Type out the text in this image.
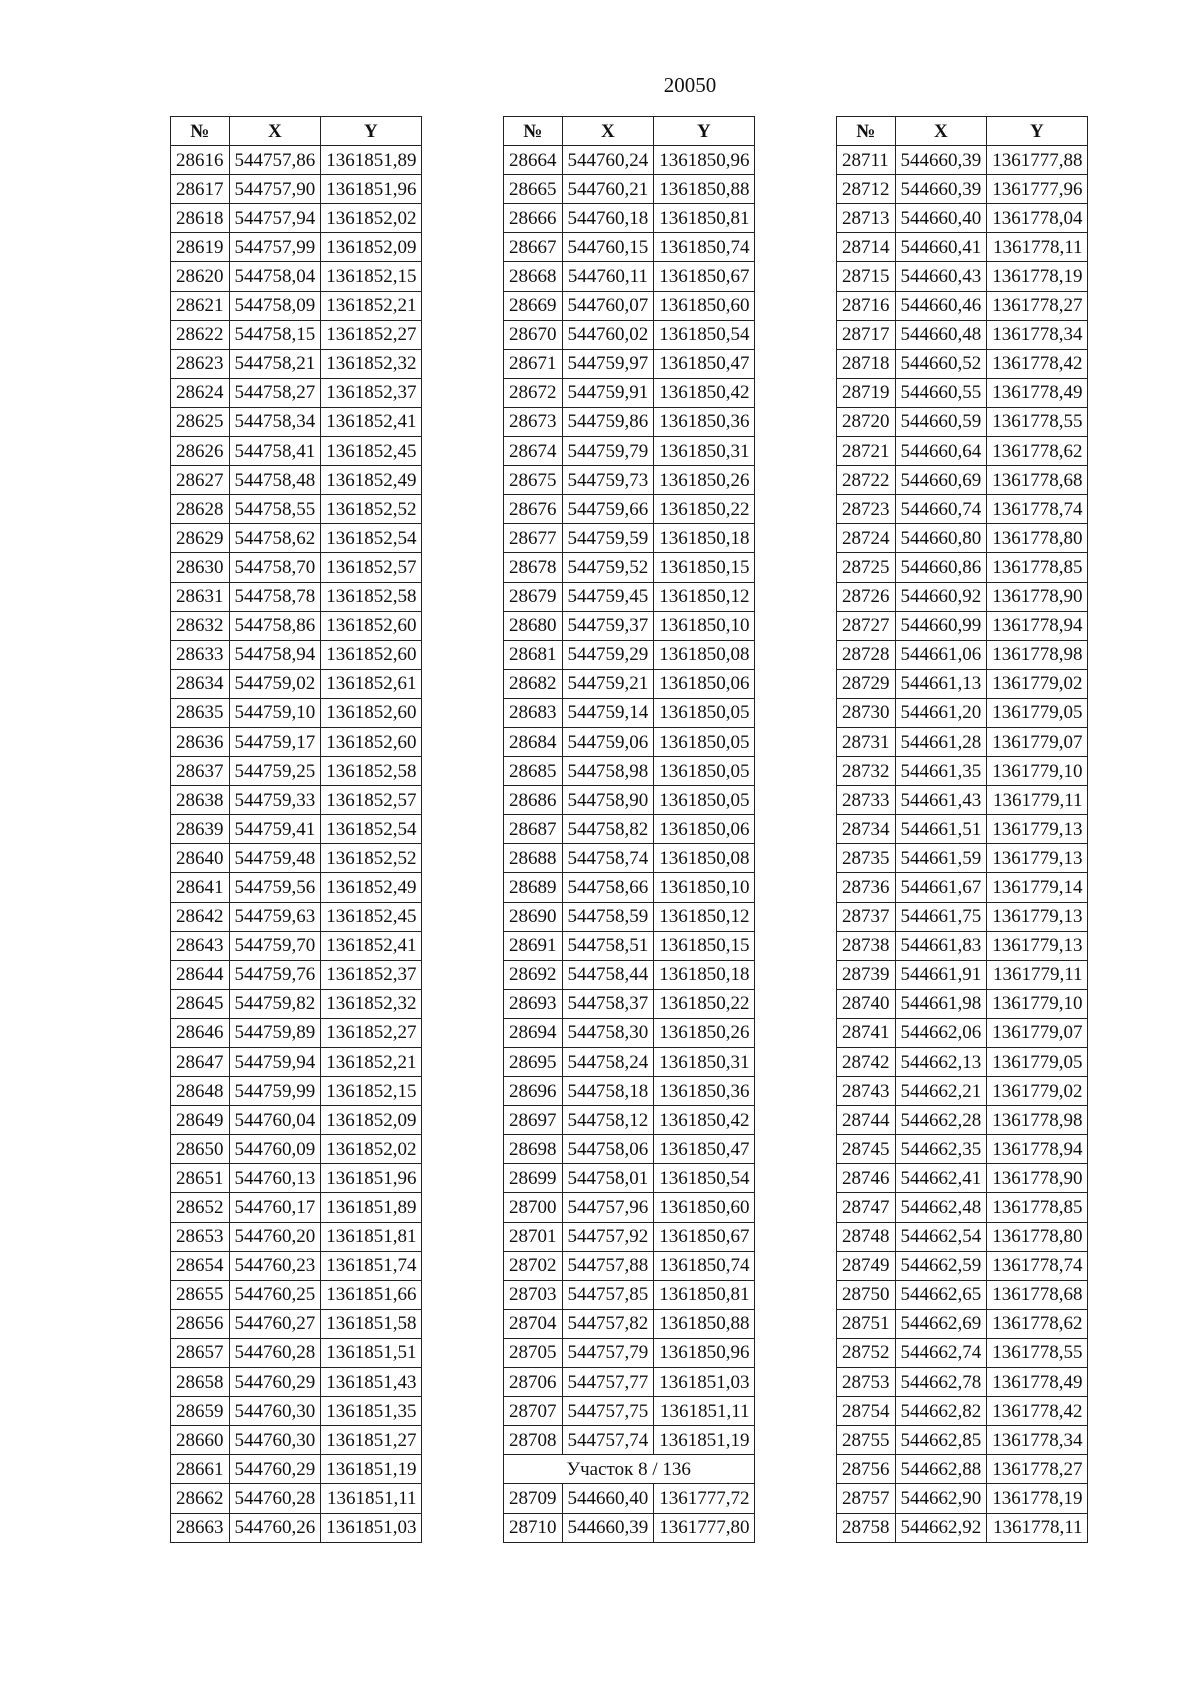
20050
№	X	Y
28616	544757,86	1361851,89
28617	544757,90	1361851,96
28618	544757,94	1361852,02
28619	544757,99	1361852,09
28620	544758,04	1361852,15
28621	544758,09	1361852,21
28622	544758,15	1361852,27
28623	544758,21	1361852,32
28624	544758,27	1361852,37
28625	544758,34	1361852,41
28626	544758,41	1361852,45
28627	544758,48	1361852,49
28628	544758,55	1361852,52
28629	544758,62	1361852,54
28630	544758,70	1361852,57
28631	544758,78	1361852,58
28632	544758,86	1361852,60
28633	544758,94	1361852,60
28634	544759,02	1361852,61
28635	544759,10	1361852,60
28636	544759,17	1361852,60
28637	544759,25	1361852,58
28638	544759,33	1361852,57
28639	544759,41	1361852,54
28640	544759,48	1361852,52
28641	544759,56	1361852,49
28642	544759,63	1361852,45
28643	544759,70	1361852,41
28644	544759,76	1361852,37
28645	544759,82	1361852,32
28646	544759,89	1361852,27
28647	544759,94	1361852,21
28648	544759,99	1361852,15
28649	544760,04	1361852,09
28650	544760,09	1361852,02
28651	544760,13	1361851,96
28652	544760,17	1361851,89
28653	544760,20	1361851,81
28654	544760,23	1361851,74
28655	544760,25	1361851,66
28656	544760,27	1361851,58
28657	544760,28	1361851,51
28658	544760,29	1361851,43
28659	544760,30	1361851,35
28660	544760,30	1361851,27
28661	544760,29	1361851,19
28662	544760,28	1361851,11
28663	544760,26	1361851,03
№	X	Y
28664	544760,24	1361850,96
28665	544760,21	1361850,88
28666	544760,18	1361850,81
28667	544760,15	1361850,74
28668	544760,11	1361850,67
28669	544760,07	1361850,60
28670	544760,02	1361850,54
28671	544759,97	1361850,47
28672	544759,91	1361850,42
28673	544759,86	1361850,36
28674	544759,79	1361850,31
28675	544759,73	1361850,26
28676	544759,66	1361850,22
28677	544759,59	1361850,18
28678	544759,52	1361850,15
28679	544759,45	1361850,12
28680	544759,37	1361850,10
28681	544759,29	1361850,08
28682	544759,21	1361850,06
28683	544759,14	1361850,05
28684	544759,06	1361850,05
28685	544758,98	1361850,05
28686	544758,90	1361850,05
28687	544758,82	1361850,06
28688	544758,74	1361850,08
28689	544758,66	1361850,10
28690	544758,59	1361850,12
28691	544758,51	1361850,15
28692	544758,44	1361850,18
28693	544758,37	1361850,22
28694	544758,30	1361850,26
28695	544758,24	1361850,31
28696	544758,18	1361850,36
28697	544758,12	1361850,42
28698	544758,06	1361850,47
28699	544758,01	1361850,54
28700	544757,96	1361850,60
28701	544757,92	1361850,67
28702	544757,88	1361850,74
28703	544757,85	1361850,81
28704	544757,82	1361850,88
28705	544757,79	1361850,96
28706	544757,77	1361851,03
28707	544757,75	1361851,11
28708	544757,74	1361851,19
Участок 8 / 136		
28709	544660,40	1361777,72
28710	544660,39	1361777,80
№	X	Y
28711	544660,39	1361777,88
28712	544660,39	1361777,96
28713	544660,40	1361778,04
28714	544660,41	1361778,11
28715	544660,43	1361778,19
28716	544660,46	1361778,27
28717	544660,48	1361778,34
28718	544660,52	1361778,42
28719	544660,55	1361778,49
28720	544660,59	1361778,55
28721	544660,64	1361778,62
28722	544660,69	1361778,68
28723	544660,74	1361778,74
28724	544660,80	1361778,80
28725	544660,86	1361778,85
28726	544660,92	1361778,90
28727	544660,99	1361778,94
28728	544661,06	1361778,98
28729	544661,13	1361779,02
28730	544661,20	1361779,05
28731	544661,28	1361779,07
28732	544661,35	1361779,10
28733	544661,43	1361779,11
28734	544661,51	1361779,13
28735	544661,59	1361779,13
28736	544661,67	1361779,14
28737	544661,75	1361779,13
28738	544661,83	1361779,13
28739	544661,91	1361779,11
28740	544661,98	1361779,10
28741	544662,06	1361779,07
28742	544662,13	1361779,05
28743	544662,21	1361779,02
28744	544662,28	1361778,98
28745	544662,35	1361778,94
28746	544662,41	1361778,90
28747	544662,48	1361778,85
28748	544662,54	1361778,80
28749	544662,59	1361778,74
28750	544662,65	1361778,68
28751	544662,69	1361778,62
28752	544662,74	1361778,55
28753	544662,78	1361778,49
28754	544662,82	1361778,42
28755	544662,85	1361778,34
28756	544662,88	1361778,27
28757	544662,90	1361778,19
28758	544662,92	1361778,11
